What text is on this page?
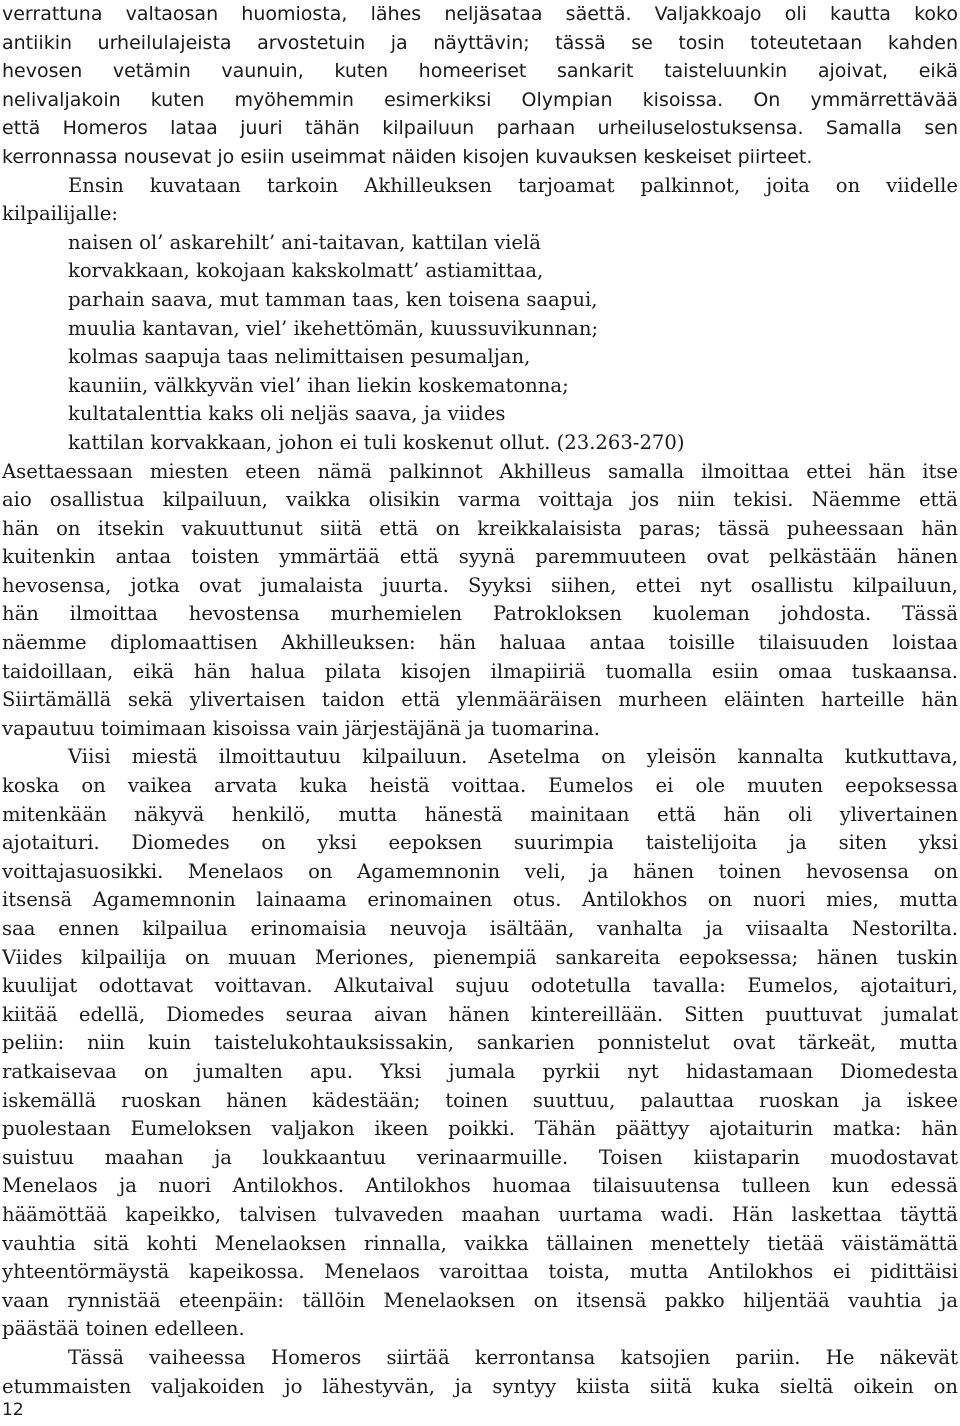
verrattuna valtaosan huomiosta, lähes neljäsataa säettä. Valjakkoajo oli kautta koko
antiikin urheilulajeista arvostetuin ja näyttävin; tässä se tosin toteutetaan kahden
hevosen vetämin vaunuin, kuten homeeriset sankarit taisteluunkin ajoivat, eikä
nelivaljakoin kuten myöhemmin esimerkiksi Olympian kisoissa. On ymmärrettävää
että Homeros lataa juuri tähän kilpailuun parhaan urheiluselostuksensa. Samalla sen
kerronnassa nousevat jo esiin useimmat näiden kisojen kuvauksen keskeiset piirteet.
Ensin kuvataan tarkoin Akhilleuksen tarjoamat palkinnot, joita on viidelle
kilpailijalle:
naisen ol’ askarehilt’ ani-taitavan, kattilan vielä
korvakkaan, kokojaan kakskolmatt’ astiamittaa,
parhain saava, mut tamman taas, ken toisena saapui,
muulia kantavan, viel’ ikehettömän, kuussuvikunnan;
kolmas saapuja taas nelimittaisen pesumaljan,
kauniin, välkkyvän viel’ ihan liekin koskematonna;
kultatalenttia kaks oli neljäs saava, ja viides
kattilan korvakkaan, johon ei tuli koskenut ollut. (23.263-270)
Asettaessaan miesten eteen nämä palkinnot Akhilleus samalla ilmoittaa ettei hän itse
aio osallistua kilpailuun, vaikka olisikin varma voittaja jos niin tekisi. Näemme että
hän on itsekin vakuuttunut siitä että on kreikkalaisista paras; tässä puheessaan hän
kuitenkin antaa toisten ymmärtää että syynä paremmuuteen ovat pelkästään hänen
hevosensa, jotka ovat jumalaista juurta. Syyksi siihen, ettei nyt osallistu kilpailuun,
hän ilmoittaa hevostensa murhemielen Patrokloksen kuoleman johdosta. Tässä
näemme diplomaattisen Akhilleuksen: hän haluaa antaa toisille tilaisuuden loistaa
taidoillaan, eikä hän halua pilata kisojen ilmapiiriä tuomalla esiin omaa tuskaansa.
Siirtämällä sekä ylivertaisen taidon että ylenmääräisen murheen eläinten harteille hän
vapautuu toimimaan kisoissa vain järjestäjänä ja tuomarina.
Viisi miestä ilmoittautuu kilpailuun. Asetelma on yleisön kannalta kutkuttava,
koska on vaikea arvata kuka heistä voittaa. Eumelos ei ole muuten eepoksessa
mitenkään näkyvä henkilö, mutta hänestä mainitaan että hän oli ylivertainen
ajotaituri. Diomedes on yksi eepoksen suurimpia taistelijoita ja siten yksi
voittajasuosikki. Menelaos on Agamemnonin veli, ja hänen toinen hevosensa on
itsensä Agamemnonin lainaama erinomainen otus. Antilokhos on nuori mies, mutta
saa ennen kilpailua erinomaisia neuvoja isältään, vanhalta ja viisaalta Nestorilta.
Viides kilpailija on muuan Meriones, pienempiä sankareita eepoksessa; hänen tuskin
kuulijat odottavat voittavan. Alkutaival sujuu odotetulla tavalla: Eumelos, ajotaituri,
kiitää edellä, Diomedes seuraa aivan hänen kintereillään. Sitten puuttuvat jumalat
peliin: niin kuin taistelukohtauksissakin, sankarien ponnistelut ovat tärkeät, mutta
ratkaisevaa on jumalten apu. Yksi jumala pyrkii nyt hidastamaan Diomedesta
iskemällä ruoskan hänen kädestään; toinen suuttuu, palauttaa ruoskan ja iskee
puolestaan Eumeloksen valjakon ikeen poikki. Tähän päättyy ajotaiturin matka: hän
suistuu maahan ja loukkaantuu verinaarmuille. Toisen kiistaparin muodostavat
Menelaos ja nuori Antilokhos. Antilokhos huomaa tilaisuutensa tulleen kun edessä
häämöttää kapeikko, talvisen tulvaveden maahan uurtama wadi. Hän laskettaa täyttä
vauhtia sitä kohti Menelaoksen rinnalla, vaikka tällainen menettely tietää väistämättä
yhteentörmäystä kapeikossa. Menelaos varoittaa toista, mutta Antilokhos ei pidittäisi
vaan rynnistää eteenpäin: tällöin Menelaoksen on itsensä pakko hiljentää vauhtia ja
päästää toinen edelleen.
Tässä vaiheessa Homeros siirtää kerrontansa katsojien pariin. He näkevät
etummaisten valjakoiden jo lähestyvän, ja syntyy kiista siitä kuka sieltä oikein on
12
